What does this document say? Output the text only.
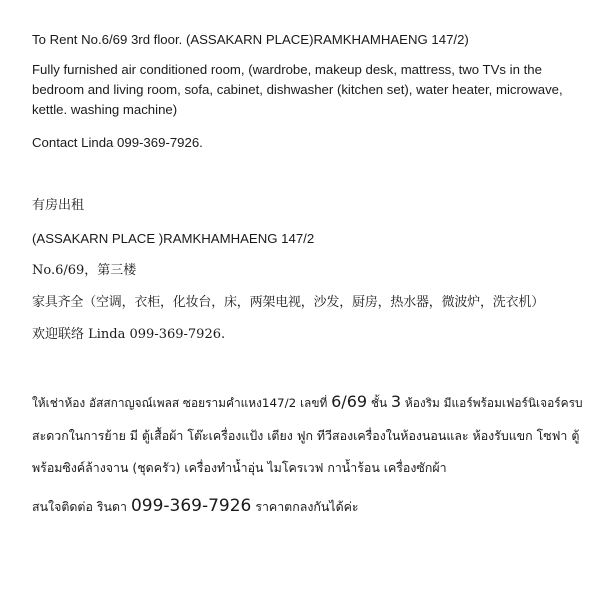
To Rent No.6/69 3rd floor. (ASSAKARN PLACE)RAMKHAMHAENG 147/2)
Fully furnished air conditioned room, (wardrobe, makeup desk, mattress, two TVs in the
bedroom and living room, sofa, cabinet, dishwasher (kitchen set), water heater, microwave,
kettle. washing machine)
Contact Linda 099-369-7926.
有房出租
(ASSAKARN PLACE )RAMKHAMHAENG 147/2
No.6/69，第三楼
家具齐全（空调，衣柜，化妆台，床，两架电视，沙发，厨房，热水器，微波炉，洗衣机）
欢迎联络 Linda 099-369-7926.
ให้เช่าห้อง อัสสกาญจณ์เพลส ซอยรามคำแหง147/2 เลขที่ 6/69 ชั้น 3 ห้องริม มีแอร์พร้อมเฟอร์นิเจอร์ครบ
สะดวกในการย้าย มี ตู้เสื้อผ้า โต๊ะเครื่องแป้ง เตียง ฟูก ทีวีสองเครื่องในห้องนอนและ ห้องรับแขก โซฟา ตู้
พร้อมซิงค์ล้างจาน (ชุดครัว) เครื่องทำน้ำอุ่น ไมโครเวฟ กาน้ำร้อน เครื่องซักผ้า
สนใจติดต่อ รินดา 099-369-7926 ราคาตกลงกันได้ค่ะ
